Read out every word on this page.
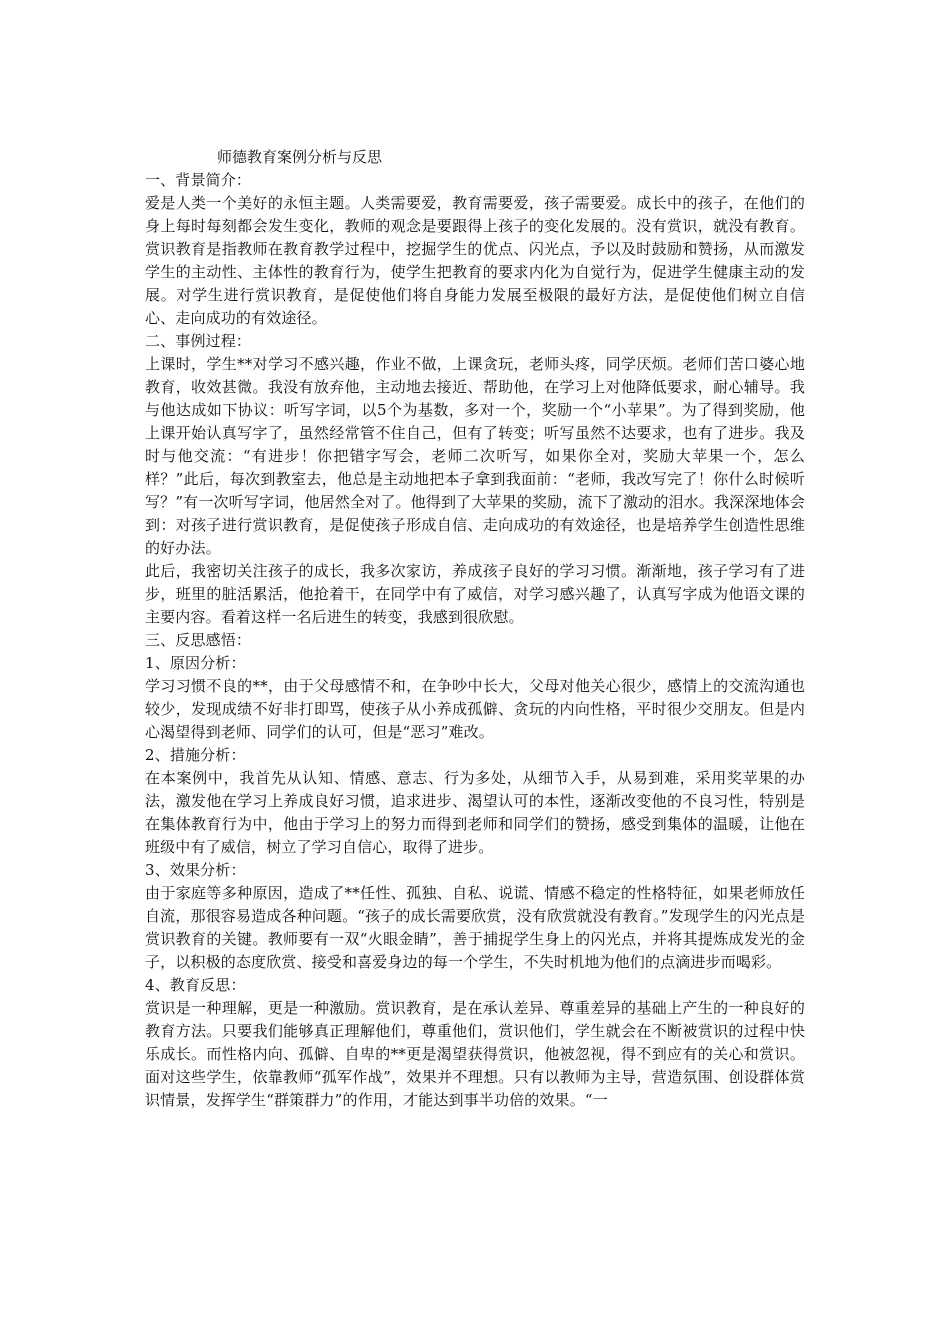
师德教育案例分析与反思

一、背景简介：

爱是人类一个美好的永恒主题。人类需要爱，教育需要爱，孩子需要爱。成长中的孩子，在他们的身上每时每刻都会发生变化，教师的观念是要跟得上孩子的变化发展的。没有赏识，就没有教育。赏识教育是指教师在教育教学过程中，挖掘学生的优点、闪光点，予以及时鼓励和赞扬，从而激发学生的主动性、主体性的教育行为，使学生把教育的要求内化为自觉行为，促进学生健康主动的发展。对学生进行赏识教育，是促使他们将自身能力发展至极限的最好方法，是促使他们树立自信心、走向成功的有效途径。

二、事例过程：

上课时，学生**对学习不感兴趣，作业不做，上课贪玩，老师头疼，同学厌烦。老师们苦口婆心地教育，收效甚微。我没有放弃他，主动地去接近、帮助他，在学习上对他降低要求，耐心辅导。我与他达成如下协议：听写字词，以5个为基数，多对一个，奖励一个“小苹果”。为了得到奖励，他上课开始认真写字了，虽然经常管不住自己，但有了转变；听写虽然不达要求，也有了进步。我及时与他交流：“有进步！你把错字写会，老师二次听写，如果你全对，奖励大苹果一个，怎么样？”此后，每次到教室去，他总是主动地把本子拿到我面前：“老师，我改写完了！你什么时候听写？”有一次听写字词，他居然全对了。他得到了大苹果的奖励，流下了激动的泪水。我深深地体会到：对孩子进行赏识教育，是促使孩子形成自信、走向成功的有效途径，也是培养学生创造性思维的好办法。

此后，我密切关注孩子的成长，我多次家访，养成孩子良好的学习习惯。渐渐地，孩子学习有了进步，班里的脏活累活，他抢着干，在同学中有了威信，对学习感兴趣了，认真写字成为他语文课的主要内容。看着这样一名后进生的转变，我感到很欣慰。

三、反思感悟：

1、原因分析：

学习习惯不良的**，由于父母感情不和，在争吵中长大，父母对他关心很少，感情上的交流沟通也较少，发现成绩不好非打即骂，使孩子从小养成孤僻、贪玩的内向性格，平时很少交朋友。但是内心渴望得到老师、同学们的认可，但是“恶习”难改。

2、措施分析：

在本案例中，我首先从认知、情感、意志、行为多处，从细节入手，从易到难，采用奖苹果的办法，激发他在学习上养成良好习惯，追求进步、渴望认可的本性，逐渐改变他的不良习性，特别是在集体教育行为中，他由于学习上的努力而得到老师和同学们的赞扬，感受到集体的温暖，让他在班级中有了威信，树立了学习自信心，取得了进步。

3、效果分析：

由于家庭等多种原因，造成了**任性、孤独、自私、说谎、情感不稳定的性格特征，如果老师放任自流，那很容易造成各种问题。“孩子的成长需要欣赏，没有欣赏就没有教育。”发现学生的闪光点是赏识教育的关键。教师要有一双“火眼金睛”，善于捕捉学生身上的闪光点，并将其提炼成发光的金子，以积极的态度欣赏、接受和喜爱身边的每一个学生，不失时机地为他们的点滴进步而喝彩。

4、教育反思：

赏识是一种理解，更是一种激励。赏识教育，是在承认差异、尊重差异的基础上产生的一种良好的教育方法。只要我们能够真正理解他们，尊重他们，赏识他们，学生就会在不断被赏识的过程中快乐成长。而性格内向、孤僻、自卑的**更是渴望获得赏识，他被忽视，得不到应有的关心和赏识。面对这些学生，依靠教师“孤军作战”，效果并不理想。只有以教师为主导，营造氛围、创设群体赏识情景，发挥学生“群策群力”的作用，才能达到事半功倍的效果。“一
